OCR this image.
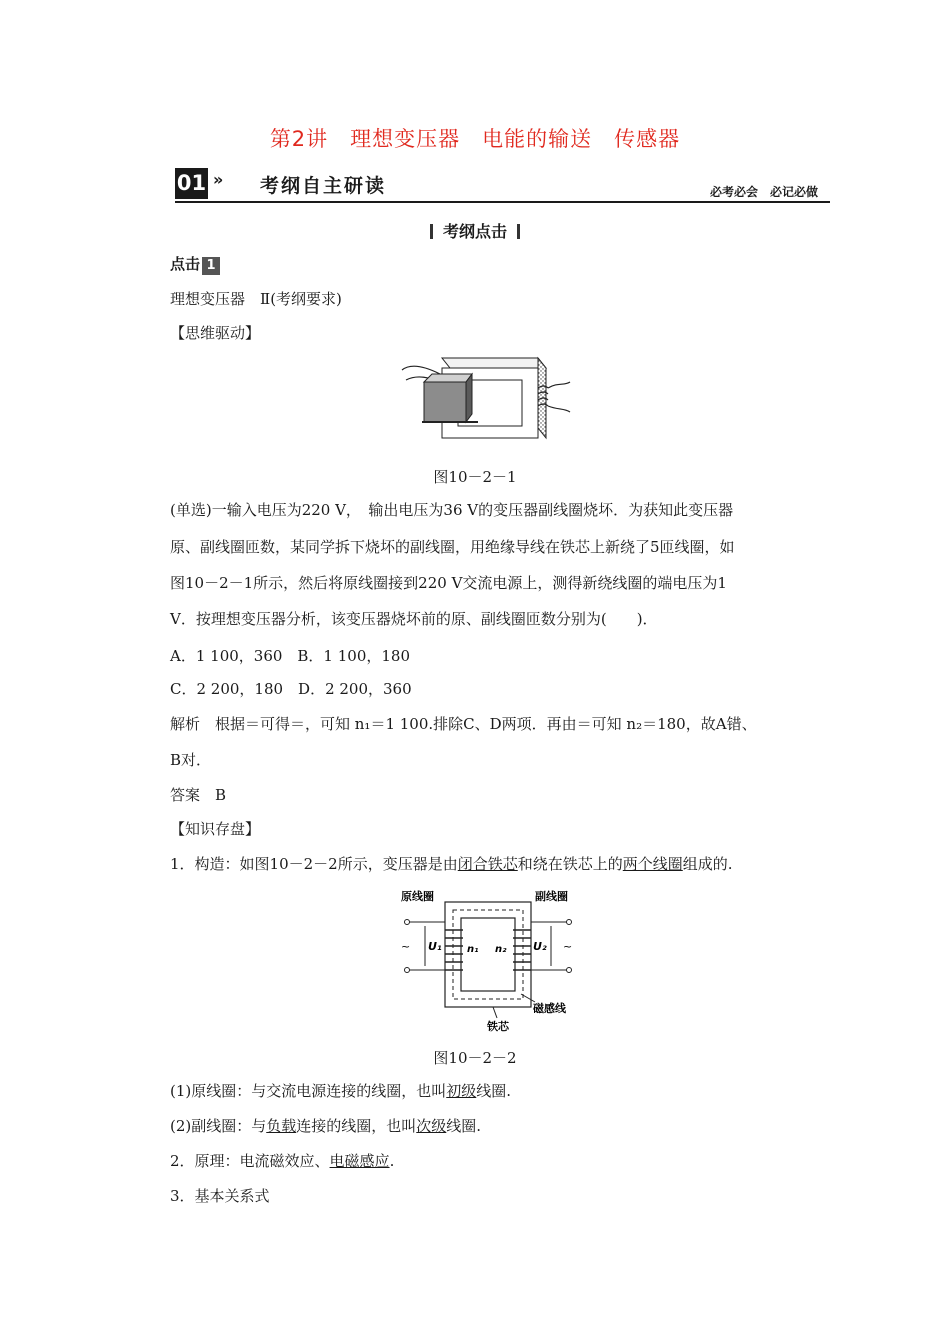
第2讲　理想变压器　电能的输送　传感器
01 » 考纲自主研读	必考必会　必记必做
考纲点击
点击 1
理想变压器　Ⅱ(考纲要求)
【思维驱动】
图10－2－1
(单选)一输入电压为220 V，　输出电压为36 V的变压器副线圈烧坏．为获知此变压器
原、副线圈匝数，某同学拆下烧坏的副线圈，用绝缘导线在铁芯上新绕了5匝线圈，如
图10－2－1所示，然后将原线圈接到220 V交流电源上，测得新绕线圈的端电压为1
V．按理想变压器分析，该变压器烧坏前的原、副线圈匝数分别为(　　)．
A．1 100，360　B．1 100，180
C．2 200，180　D．2 200，360
解析　根据＝可得＝，可知 n₁＝1 100.排除C、D两项．再由＝可知 n₂＝180，故A错、
B对．
答案　B
【知识存盘】
1．构造：如图10－2－2所示，变压器是由闭合铁芯和绕在铁芯上的两个线圈组成的.
原线圈	副线圈
~ U₁	U₂ ~
n₁ n₂
磁感线
铁芯
图10－2－2
(1)原线圈：与交流电源连接的线圈，也叫初级线圈.
(2)副线圈：与负载连接的线圈，也叫次级线圈.
2．原理：电流磁效应、电磁感应.
3．基本关系式
